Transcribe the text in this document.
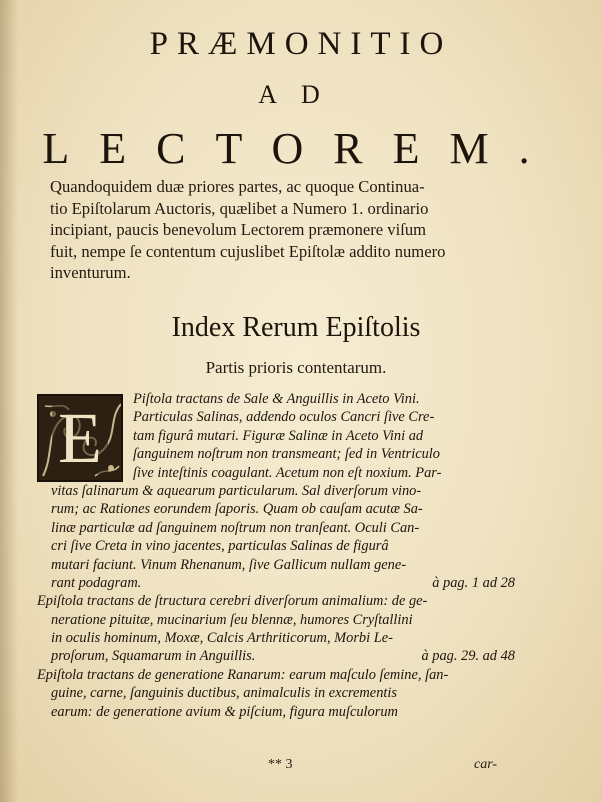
PRÆMONITIO
AD
LECTOREM.
Quandoquidem duæ priores partes, ac quoque Continua-
tio Epiſtolarum Auctoris, quælibet a Numero 1. ordinario
incipiant, paucis benevolum Lectorem præmonere viſum
fuit, nempe ſe contentum cujuslibet Epiſtolæ addito numero
inventurum.
Index Rerum Epiſtolis
Partis prioris contentarum.
E	Piſtola tractans de Sale & Anguillis in Aceto Vini.
Particulas Salinas, addendo oculos Cancri ſive Cre-
tam figurâ mutari. Figuræ Salinæ in Aceto Vini ad
ſanguinem noſtrum non transmeant; ſed in Ventriculo
ſive inteſtinis coagulant. Acetum non eſt noxium. Par-
vitas ſalinarum & aquearum particularum. Sal diverſorum vino-
rum; ac Rationes eorundem ſaporis. Quam ob cauſam acutæ Sa-
linæ particulæ ad ſanguinem noſtrum non tranſeant. Oculi Can-
cri ſive Creta in vino jacentes, particulas Salinas de figurâ
mutari faciunt. Vinum Rhenanum, ſive Gallicum nullam gene-
rant podagram.	à pag. 1 ad 28
Epiſtola tractans de ſtructura cerebri diverſorum animalium: de ge-
neratione pituitæ, mucinarium ſeu blennæ, humores Cryſtallini
in oculis hominum, Moxæ, Calcis Arthriticorum, Morbi Le-
proſorum, Squamarum in Anguillis.	à pag. 29. ad 48
Epiſtola tractans de generatione Ranarum: earum maſculo ſemine, ſan-
guine, carne, ſanguinis ductibus, animalculis in excrementis
earum: de generatione avium & piſcium, figura muſculorum
** 3	car-
